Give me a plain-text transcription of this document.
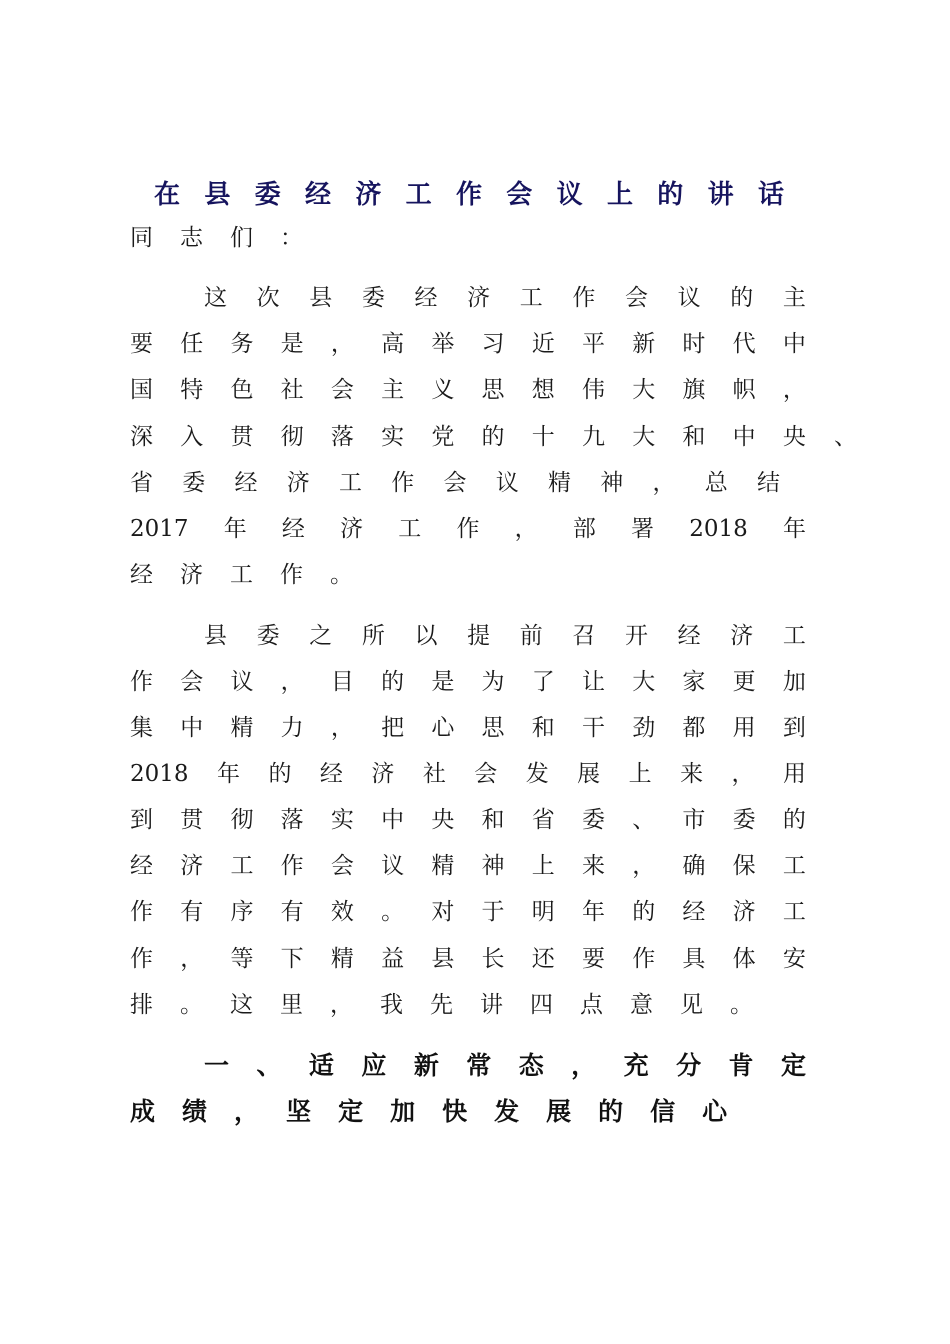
在 县 委 经 济 工 作 会 议 上 的 讲 话
同 志 们 ：
这 次 县 委 经 济 工 作 会 议 的 主
要 任 务 是 ， 高 举 习 近 平 新 时 代 中
国 特 色 社 会 主 义 思 想 伟 大 旗 帜 ，
深 入 贯 彻 落 实 党 的 十 九 大 和 中 央 、
省 委 经 济 工 作 会 议 精 神 ， 总 结
2017 年 经 济 工 作 ， 部 署 2018 年
经 济 工 作 。
县 委 之 所 以 提 前 召 开 经 济 工
作 会 议 ， 目 的 是 为 了 让 大 家 更 加
集 中 精 力 ， 把 心 思 和 干 劲 都 用 到
2018 年 的 经 济 社 会 发 展 上 来 ， 用
到 贯 彻 落 实 中 央 和 省 委 、 市 委 的
经 济 工 作 会 议 精 神 上 来 ， 确 保 工
作 有 序 有 效 。 对 于 明 年 的 经 济 工
作 ， 等 下 精 益 县 长 还 要 作 具 体 安
排 。 这 里 ， 我 先 讲 四 点 意 见 。
一 、 适 应 新 常 态 ， 充 分 肯 定
成 绩 ， 坚 定 加 快 发 展 的 信 心
